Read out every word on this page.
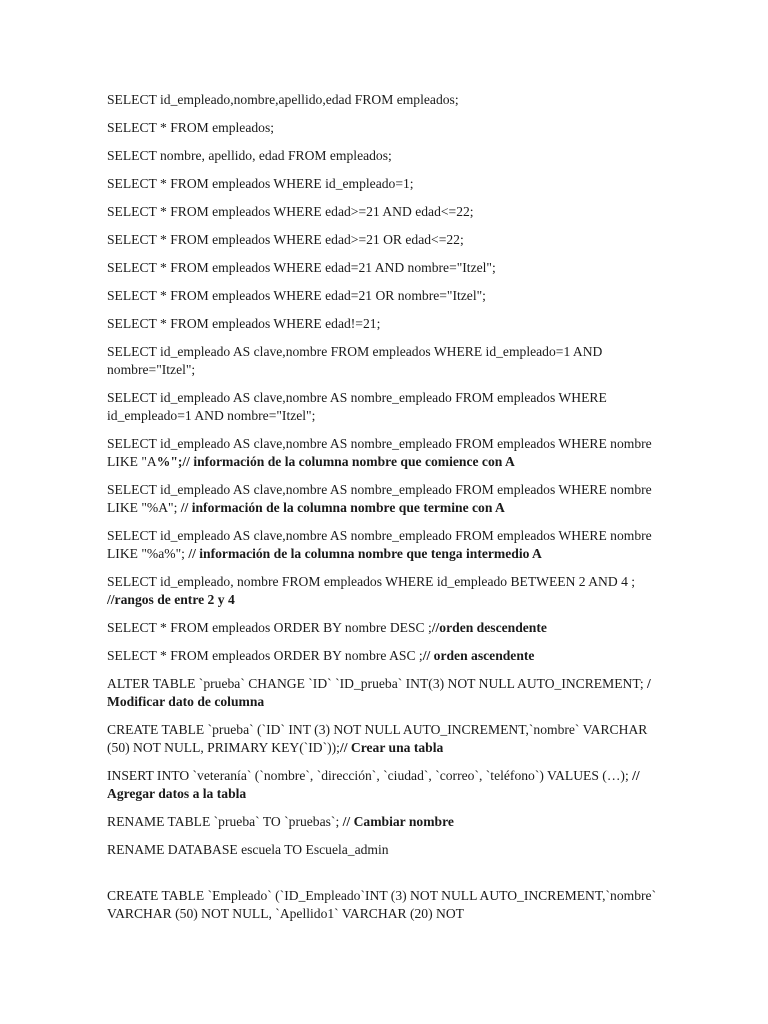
SELECT id_empleado,nombre,apellido,edad FROM empleados;

SELECT * FROM empleados;

SELECT nombre, apellido, edad FROM empleados;

SELECT * FROM empleados WHERE id_empleado=1;

SELECT * FROM empleados WHERE edad>=21 AND edad<=22;

SELECT * FROM empleados WHERE edad>=21 OR edad<=22;

SELECT * FROM empleados WHERE edad=21 AND nombre="Itzel";

SELECT * FROM empleados WHERE edad=21 OR nombre="Itzel";

SELECT * FROM empleados WHERE edad!=21;

SELECT id_empleado AS clave,nombre FROM empleados WHERE id_empleado=1 AND nombre="Itzel";

SELECT id_empleado AS clave,nombre AS nombre_empleado FROM empleados WHERE id_empleado=1 AND nombre="Itzel";

SELECT id_empleado AS clave,nombre AS nombre_empleado FROM empleados WHERE nombre LIKE "A%";// información de la columna nombre que comience con A

SELECT id_empleado AS clave,nombre AS nombre_empleado FROM empleados WHERE nombre LIKE "%A"; // información de la columna nombre que termine con A

SELECT id_empleado AS clave,nombre AS nombre_empleado FROM empleados WHERE nombre LIKE "%a%"; // información de la columna nombre que tenga intermedio A

SELECT id_empleado, nombre FROM empleados WHERE id_empleado BETWEEN 2 AND 4 ; //rangos de entre 2 y 4

SELECT * FROM empleados ORDER BY nombre DESC ;//orden descendente

SELECT * FROM empleados ORDER BY nombre ASC ;// orden ascendente

ALTER TABLE `prueba` CHANGE `ID` `ID_prueba` INT(3) NOT NULL AUTO_INCREMENT; / Modificar dato de columna

CREATE TABLE `prueba` (`ID` INT (3) NOT NULL AUTO_INCREMENT,`nombre` VARCHAR (50) NOT NULL, PRIMARY KEY(`ID`));// Crear una tabla

INSERT INTO `veteranía` (`nombre`, `dirección`, `ciudad`, `correo`, `teléfono`) VALUES (…); // Agregar datos a la tabla

RENAME TABLE `prueba` TO `pruebas`; // Cambiar nombre

RENAME DATABASE escuela TO Escuela_admin

CREATE TABLE `Empleado` (`ID_Empleado`INT (3) NOT NULL AUTO_INCREMENT,`nombre` VARCHAR (50) NOT NULL, `Apellido1` VARCHAR (20) NOT
